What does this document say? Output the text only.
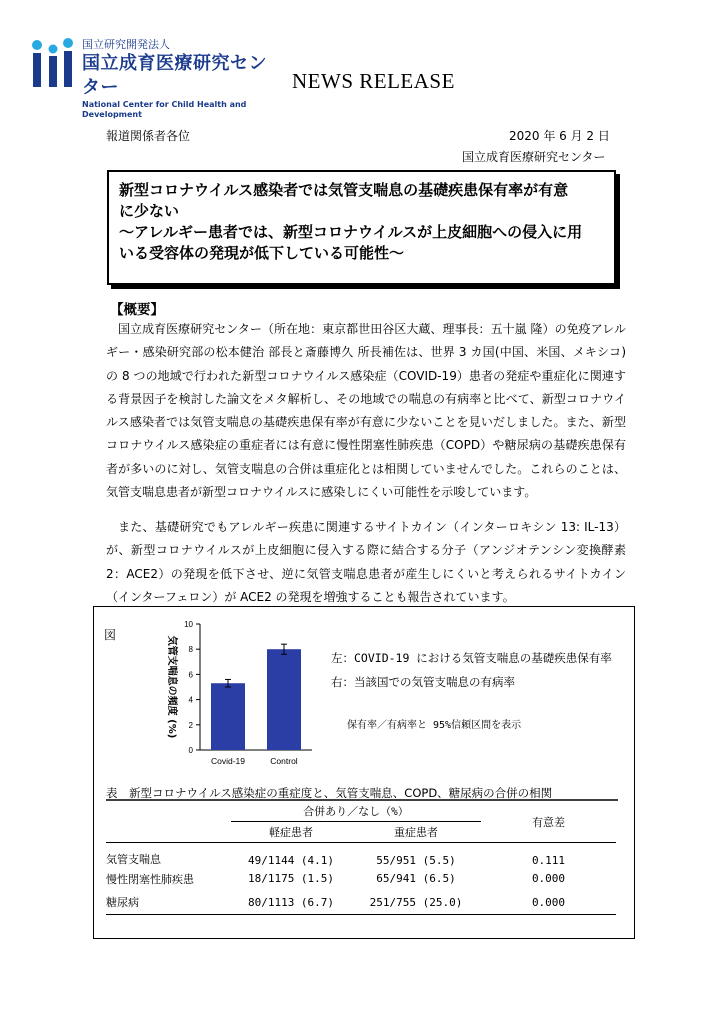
国立研究開発法人
国立成育医療研究センター
National Center for Child Health and Development
NEWS RELEASE
報道関係者各位	2020 年 6 月 2 日
国立成育医療研究センター
新型コロナウイルス感染者では気管支喘息の基礎疾患保有率が有意
に少ない
〜アレルギー患者では、新型コロナウイルスが上皮細胞への侵入に用
いる受容体の発現が低下している可能性〜
【概要】

国立成育医療研究センター（所在地：東京都世田谷区大蔵、理事長：五十嵐 隆）の免疫アレルギー・感染研究部の松本健治 部長と斎藤博久 所長補佐は、世界 3 カ国(中国、米国、メキシコ)の 8 つの地域で行われた新型コロナウイルス感染症（COVID-19）患者の発症や重症化に関連する背景因子を検討した論文をメタ解析し、その地域での喘息の有病率と比べて、新型コロナウイルス感染者では気管支喘息の基礎疾患保有率が有意に少ないことを見いだしました。また、新型コロナウイルス感染症の重症者には有意に慢性閉塞性肺疾患（COPD）や糖尿病の基礎疾患保有者が多いのに対し、気管支喘息の合併は重症化とは相関していませんでした。これらのことは、気管支喘息患者が新型コロナウイルスに感染しにくい可能性を示唆しています。

また、基礎研究でもアレルギー疾患に関連するサイトカイン（インターロキシン 13: IL-13）が、新型コロナウイルスが上皮細胞に侵入する際に結合する分子（アンジオテンシン変換酵素 2：ACE2）の発現を低下させ、逆に気管支喘息患者が産生しにくいと考えられるサイトカイン（インターフェロン）が ACE2 の発現を増強することも報告されています。

図
0
2
4
6
8
10
気管支喘息の頻度 (%)
Covid-19	Control
左：COVID-19 における気管支喘息の基礎疾患保有率
右：当該国での気管支喘息の有病率
保有率／有病率と 95%信頼区間を表示
表　新型コロナウイルス感染症の重症度と、気管支喘息、COPD、糖尿病の合併の相関
	合併あり／なし（%）		有意差
	軽症患者	重症患者	
気管支喘息	49/1144 (4.1)	55/951 (5.5)	0.111
慢性閉塞性肺疾患	18/1175 (1.5)	65/941 (6.5)	0.000
糖尿病	80/1113 (6.7)	251/755 (25.0)	0.000
